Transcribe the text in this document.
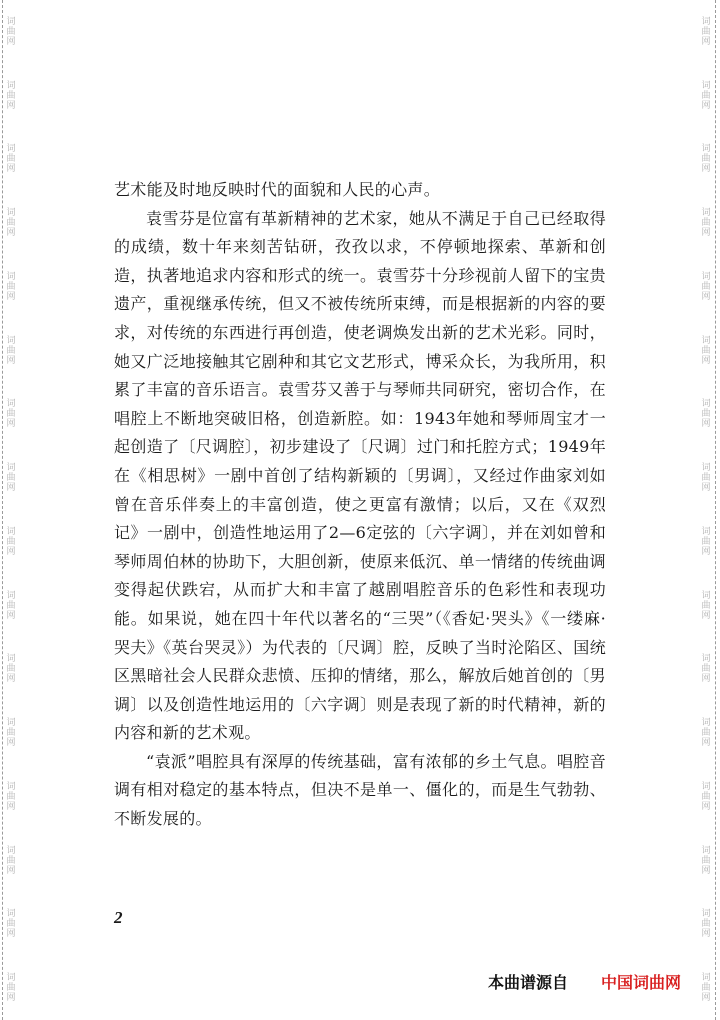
词
曲
网
词
曲
网
词
曲
网
词
曲
网
词
曲
网
词
曲
网
词
曲
网
词
曲
网
词
曲
网
词
曲
网
词
曲
网
词
曲
网
词
曲
网
词
曲
网
词
曲
网
词
曲
网
词
曲
网
词
曲
网
词
曲
网
词
曲
网
词
曲
网
词
曲
网
词
曲
网
词
曲
网
词
曲
网
词
曲
网
词
曲
网
词
曲
网
词
曲
网
词
曲
网
词
曲
网
词
曲
网

艺术能及时地反映时代的面貌和人民的心声。

袁雪芬是位富有革新精神的艺术家，她从不满足于自己已经取得的成绩，数十年来刻苦钻研，孜孜以求，不停顿地探索、革新和创造，执著地追求内容和形式的统一。袁雪芬十分珍视前人留下的宝贵遗产，重视继承传统，但又不被传统所束缚，而是根据新的内容的要求，对传统的东西进行再创造，使老调焕发出新的艺术光彩。同时，她又广泛地接触其它剧种和其它文艺形式，博采众长，为我所用，积累了丰富的音乐语言。袁雪芬又善于与琴师共同研究，密切合作，在唱腔上不断地突破旧格，创造新腔。如：1943年她和琴师周宝才一起创造了〔尺调腔〕，初步建设了〔尺调〕过门和托腔方式；1949年在《相思树》一剧中首创了结构新颖的〔男调〕，又经过作曲家刘如曾在音乐伴奏上的丰富创造，使之更富有激情；以后，又在《双烈记》一剧中，创造性地运用了2—6定弦的〔六字调〕，并在刘如曾和琴师周伯林的协助下，大胆创新，使原来低沉、单一情绪的传统曲调变得起伏跌宕，从而扩大和丰富了越剧唱腔音乐的色彩性和表现功能。如果说，她在四十年代以著名的“三哭”（《香妃·哭头》《一缕麻·哭夫》《英台哭灵》）为代表的〔尺调〕腔，反映了当时沦陷区、国统区黑暗社会人民群众悲愤、压抑的情绪，那么，解放后她首创的〔男调〕以及创造性地运用的〔六字调〕则是表现了新的时代精神，新的内容和新的艺术观。

“袁派”唱腔具有深厚的传统基础，富有浓郁的乡土气息。唱腔音调有相对稳定的基本特点，但决不是单一、僵化的，而是生气勃勃、不断发展的。

2
本曲谱源自 中国词曲网
